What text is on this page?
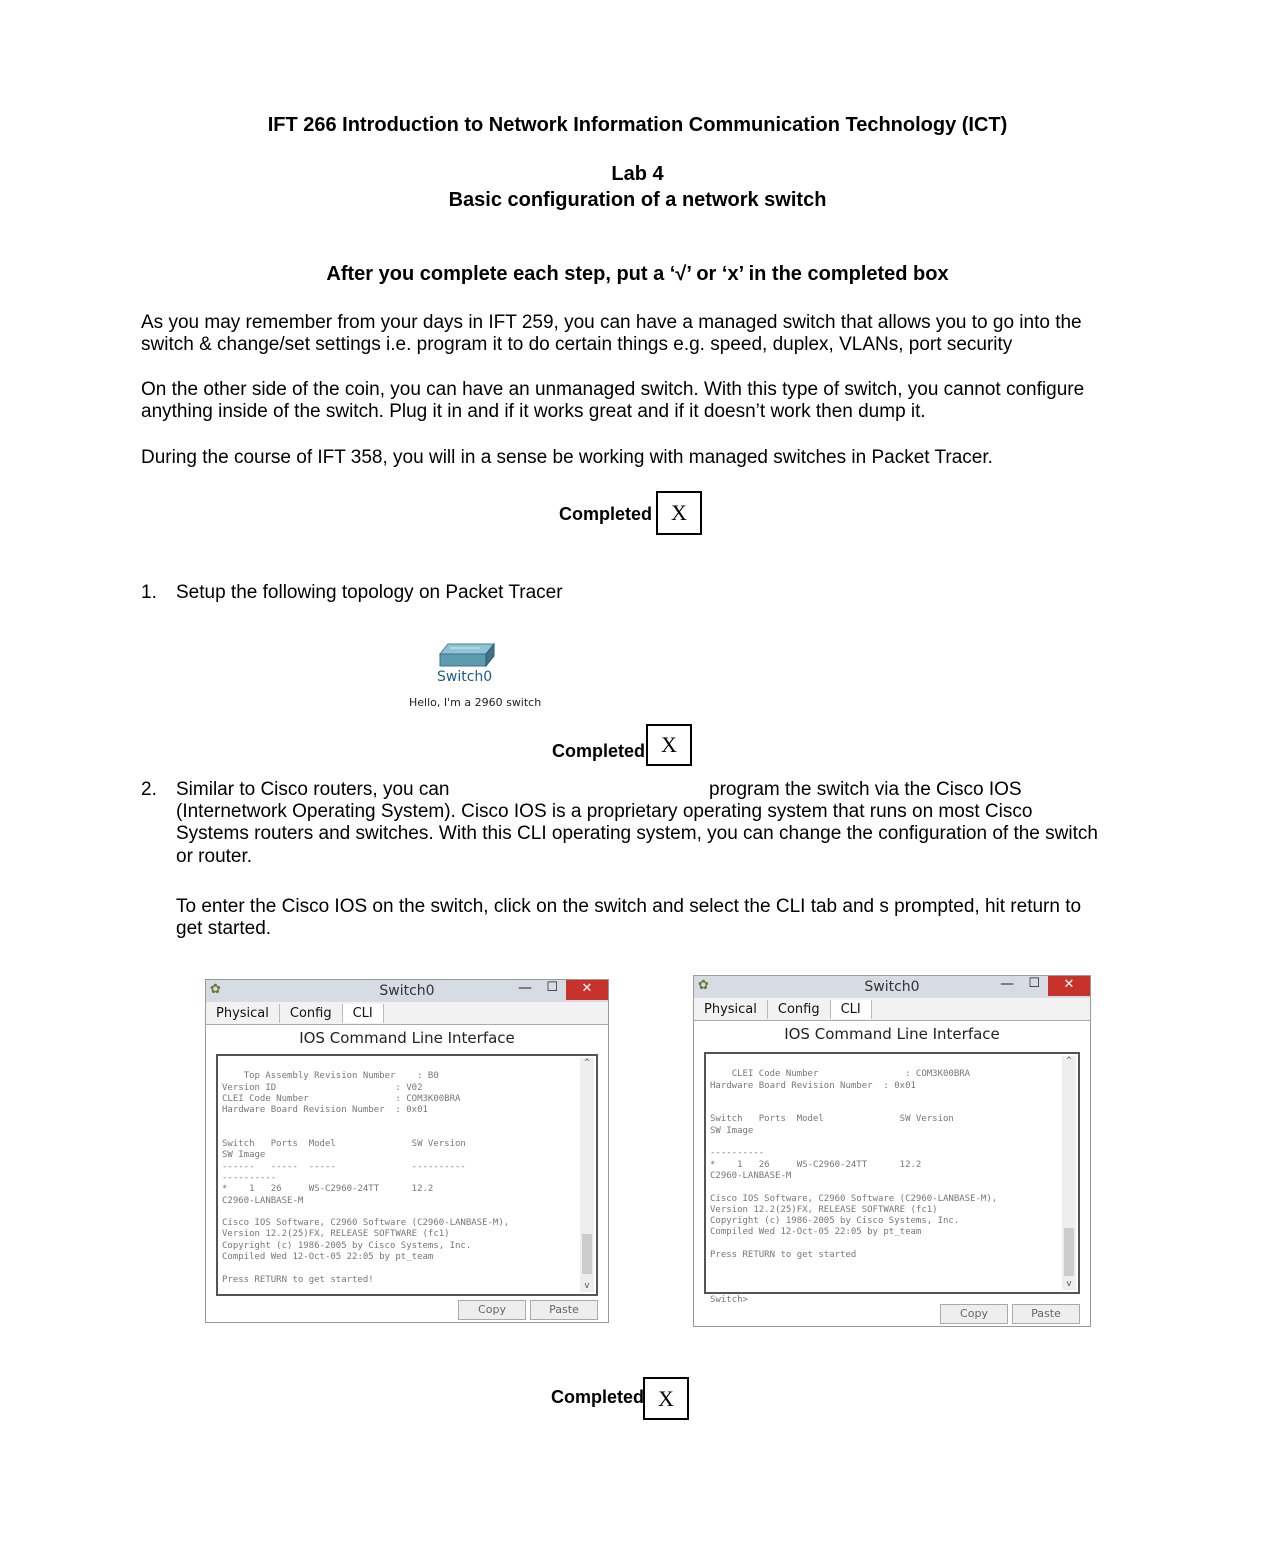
IFT 266 Introduction to Network Information Communication Technology (ICT)
Lab 4
Basic configuration of a network switch
After you complete each step, put a ‘√’ or ‘x’ in the completed box
As you may remember from your days in IFT 259, you can have a managed switch that allows you to go into the
switch & change/set settings i.e. program it to do certain things e.g. speed, duplex, VLANs, port security
On the other side of the coin, you can have an unmanaged switch. With this type of switch, you cannot configure
anything inside of the switch. Plug it in and if it works great and if it doesn’t work then dump it.
During the course of IFT 358, you will in a sense be working with managed switches in Packet Tracer.
Completed X
1. Setup the following topology on Packet Tracer
Switch0
Hello, I'm a 2960 switch
Completed X
2. Similar to Cisco routers, you can	program the switch via the Cisco IOS
(Internetwork Operating System). Cisco IOS is a proprietary operating system that runs on most Cisco
Systems routers and switches. With this CLI operating system, you can change the configuration of the switch
or router.
To enter the Cisco IOS on the switch, click on the switch and select the CLI tab and s prompted, hit return to
get started.
✿	Switch0	— ☐	✕
Physical Config CLI
IOS Command Line Interface

Top Assembly Revision Number    : B0
Version ID                      : V02
CLEI Code Number                : COM3K00BRA
Hardware Board Revision Number  : 0x01

Switch   Ports  Model              SW Version
SW Image
------   -----  -----              ----------
----------
*    1   26     WS-C2960-24TT      12.2
C2960-LANBASE-M

Cisco IOS Software, C2960 Software (C2960-LANBASE-M),
Version 12.2(25)FX, RELEASE SOFTWARE (fc1)
Copyright (c) 1986-2005 by Cisco Systems, Inc.
Compiled Wed 12-Oct-05 22:05 by pt_team

Press RETURN to get started!

^

v

Copy	Paste
✿	Switch0	— ☐	✕
Physical Config CLI
IOS Command Line Interface

CLEI Code Number                : COM3K00BRA
Hardware Board Revision Number  : 0x01

Switch   Ports  Model              SW Version
SW Image

----------
*    1   26     WS-C2960-24TT      12.2
C2960-LANBASE-M

Cisco IOS Software, C2960 Software (C2960-LANBASE-M),
Version 12.2(25)FX, RELEASE SOFTWARE (fc1)
Copyright (c) 1986-2005 by Cisco Systems, Inc.
Compiled Wed 12-Oct-05 22:05 by pt_team

Press RETURN to get started

Switch>

^

v

Copy	Paste
Completed X
